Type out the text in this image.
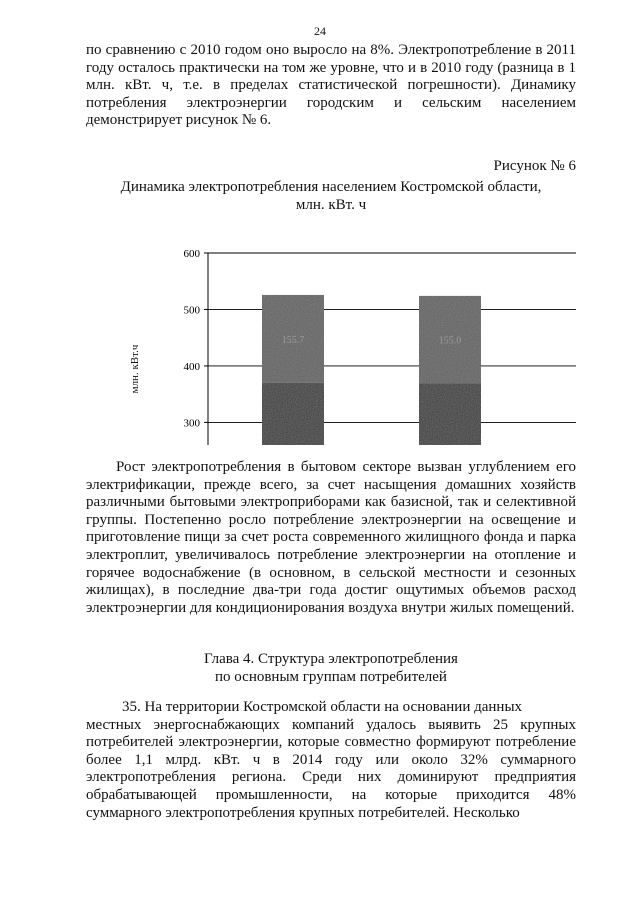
24
по сравнению с 2010 годом оно выросло на 8%. Электропотребление в 2011 году осталось практически на том же уровне, что и в 2010 году (разница в 1 млн. кВт. ч, т.е. в пределах статистической погрешности). Динамику потребления электроэнергии городским и сельским населением демонстрирует рисунок № 6.
Рисунок № 6
Динамика электропотребления населением Костромской области,
млн. кВт. ч
155.7	155.0
600
500
400
300
млн. кВт.ч
Рост электропотребления в бытовом секторе вызван углублением его электрификации, прежде всего, за счет насыщения домашних хозяйств различными бытовыми электроприборами как базисной, так и селективной группы. Постепенно росло потребление электроэнергии на освещение и приготовление пищи за счет роста современного жилищного фонда и парка электроплит, увеличивалось потребление электроэнергии на отопление и горячее водоснабжение (в основном, в сельской местности и сезонных жилищах), в последние два-три года достиг ощутимых объемов расход электроэнергии для кондиционирования воздуха внутри жилых помещений.
Глава 4. Структура электропотребления
по основным группам потребителей
35. На территории Костромской области на основании данных
местных энергоснабжающих компаний удалось выявить 25 крупных потребителей электроэнергии, которые совместно формируют потребление более 1,1 млрд. кВт. ч в 2014 году или около 32% суммарного электропотребления региона. Среди них доминируют предприятия обрабатывающей промышленности, на которые приходится 48% суммарного электропотребления крупных потребителей. Несколько
